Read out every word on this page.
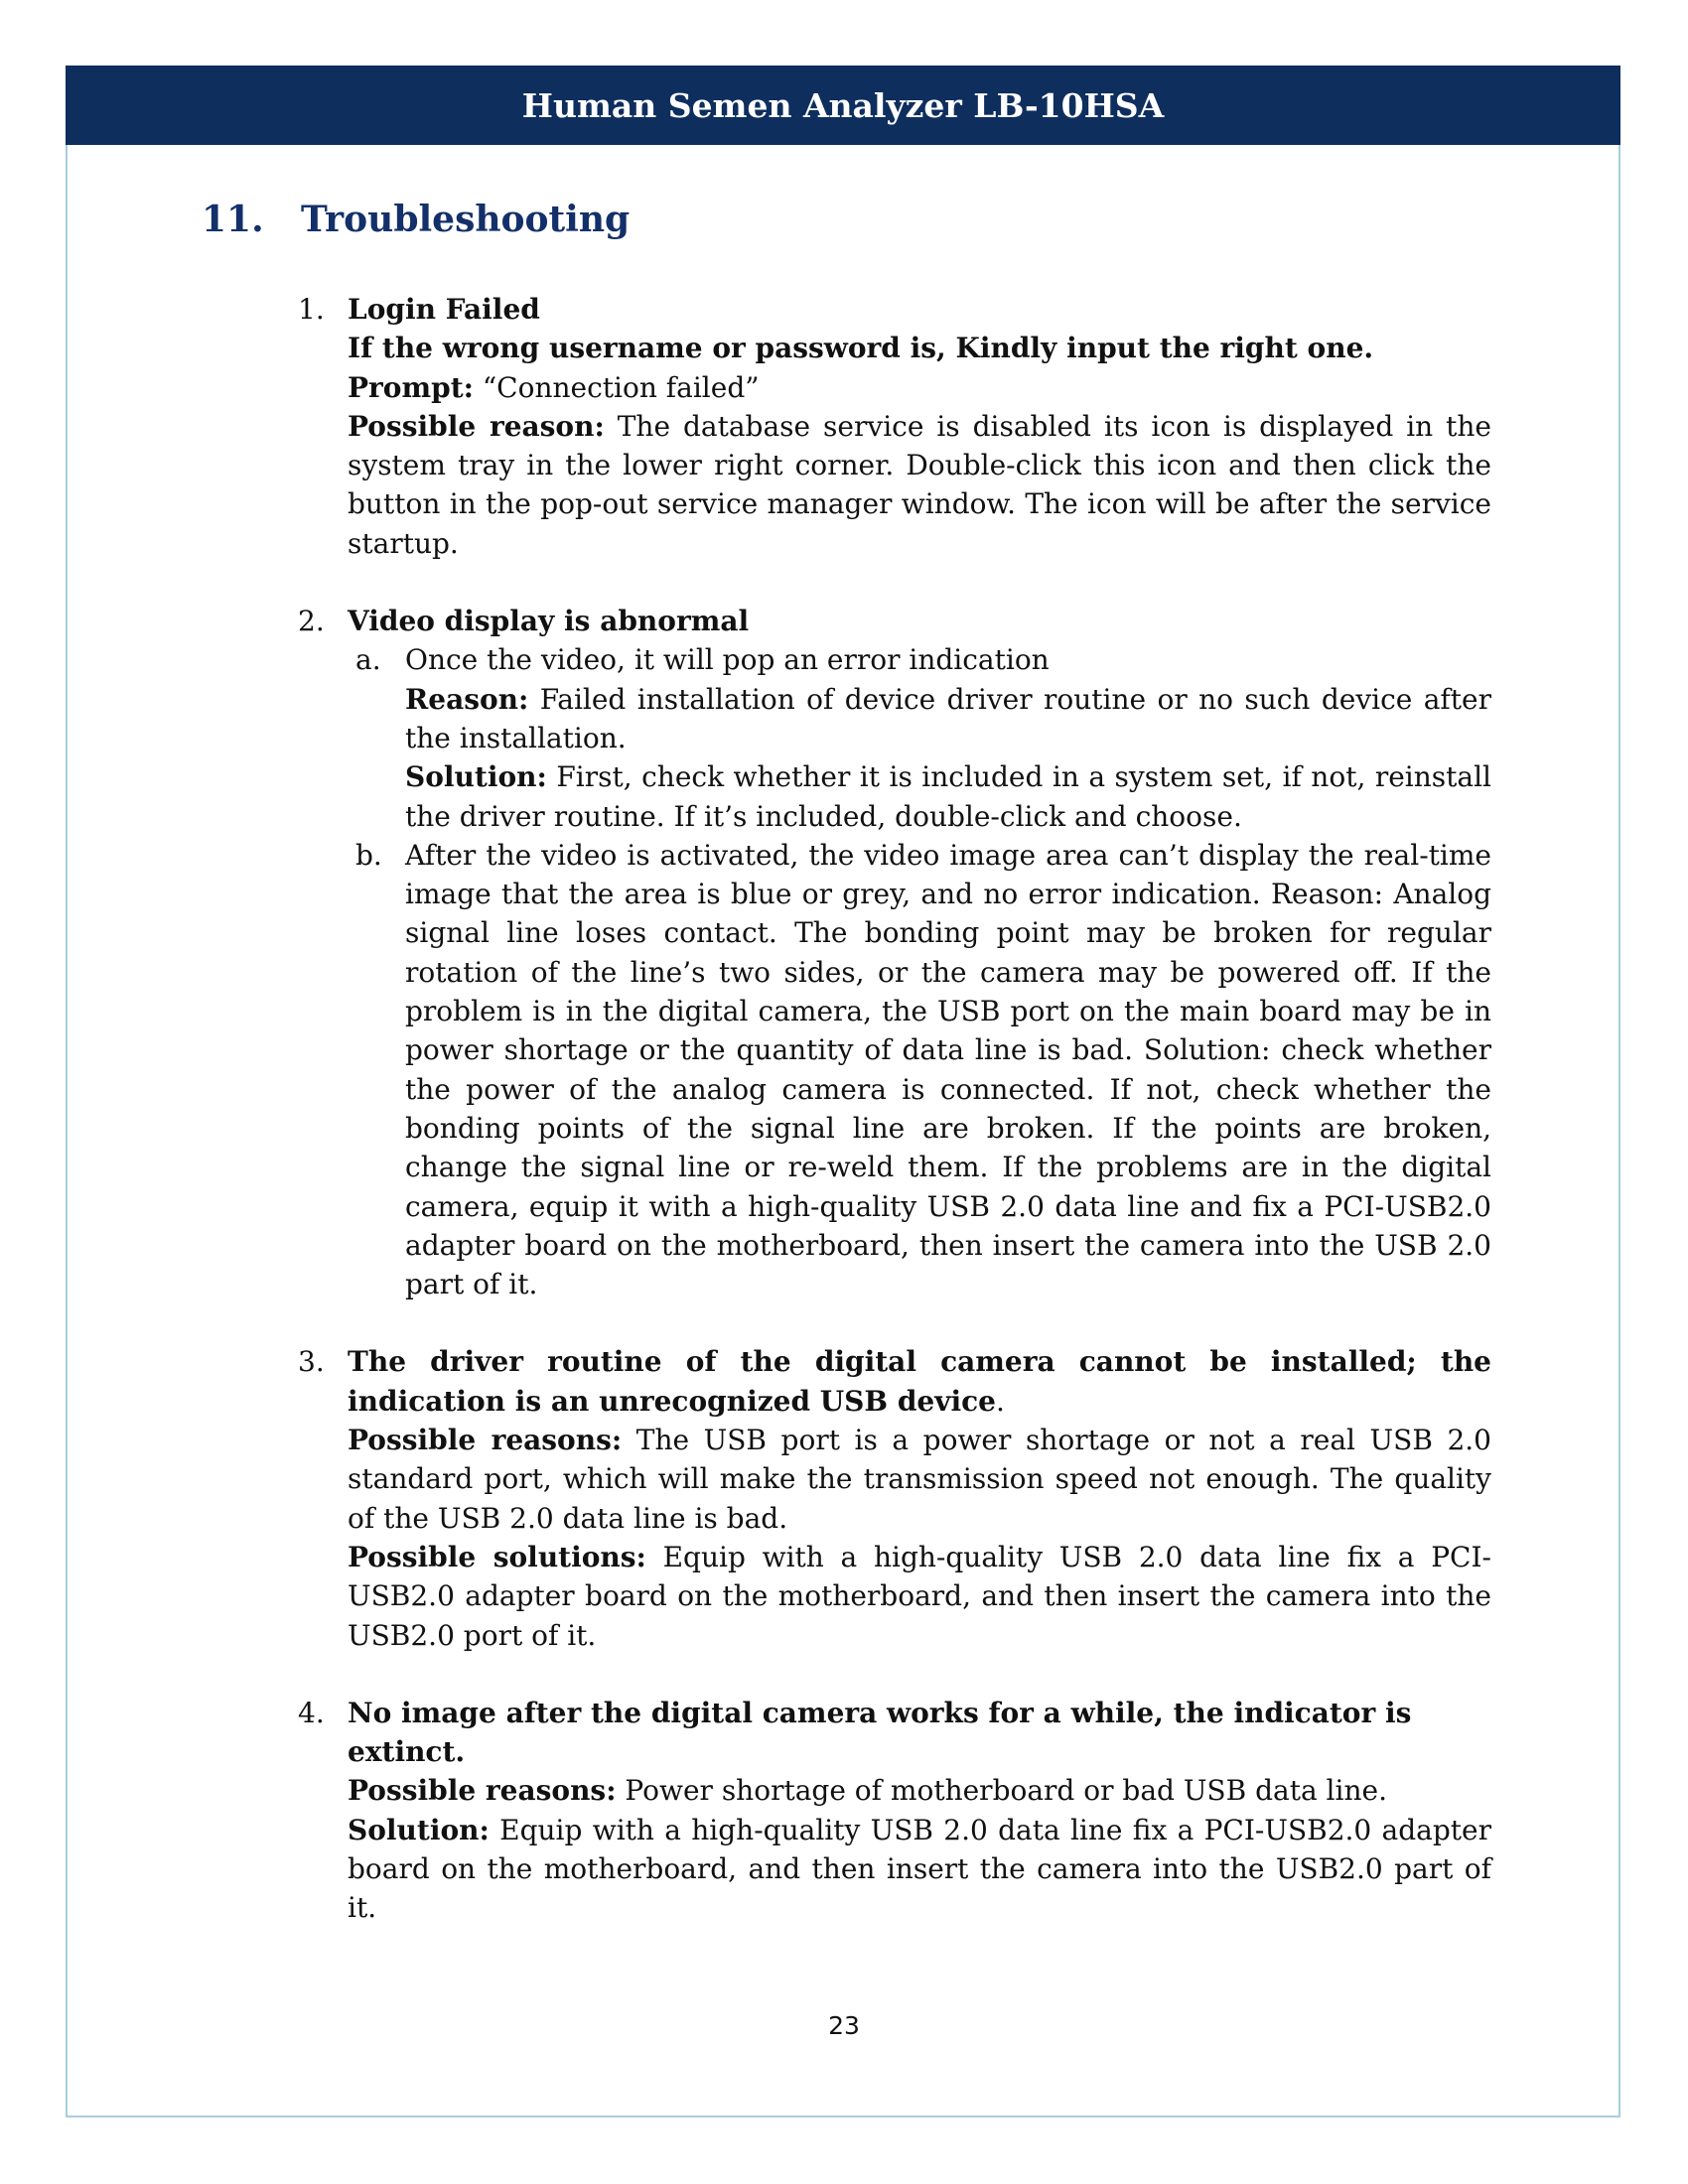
Human Semen Analyzer LB-10HSA
11.	Troubleshooting
1. Login Failed
If the wrong username or password is, Kindly input the right one.
Prompt: “Connection failed”
Possible reason: The database service is disabled its icon is displayed in the system tray in the lower right corner. Double-click this icon and then click the button in the pop-out service manager window. The icon will be after the service startup.
2. Video display is abnormal
a. Once the video, it will pop an error indication
Reason: Failed installation of device driver routine or no such device after the installation.
Solution: First, check whether it is included in a system set, if not, reinstall the driver routine. If it’s included, double-click and choose.
b. After the video is activated, the video image area can’t display the real-time image that the area is blue or grey, and no error indication. Reason: Analog signal line loses contact. The bonding point may be broken for regular rotation of the line’s two sides, or the camera may be powered off. If the problem is in the digital camera, the USB port on the main board may be in power shortage or the quantity of data line is bad. Solution: check whether the power of the analog camera is connected. If not, check whether the bonding points of the signal line are broken. If the points are broken, change the signal line or re-weld them. If the problems are in the digital camera, equip it with a high-quality USB 2.0 data line and fix a PCI-USB2.0 adapter board on the motherboard, then insert the camera into the USB 2.0 part of it.
3. The driver routine of the digital camera cannot be installed; the indication is an unrecognized USB device.
Possible reasons: The USB port is a power shortage or not a real USB 2.0 standard port, which will make the transmission speed not enough. The quality of the USB 2.0 data line is bad.
Possible solutions: Equip with a high-quality USB 2.0 data line fix a PCI-USB2.0 adapter board on the motherboard, and then insert the camera into the USB2.0 port of it.
4. No image after the digital camera works for a while, the indicator is extinct.
Possible reasons: Power shortage of motherboard or bad USB data line.
Solution: Equip with a high-quality USB 2.0 data line fix a PCI-USB2.0 adapter board on the motherboard, and then insert the camera into the USB2.0 part of it.
23
